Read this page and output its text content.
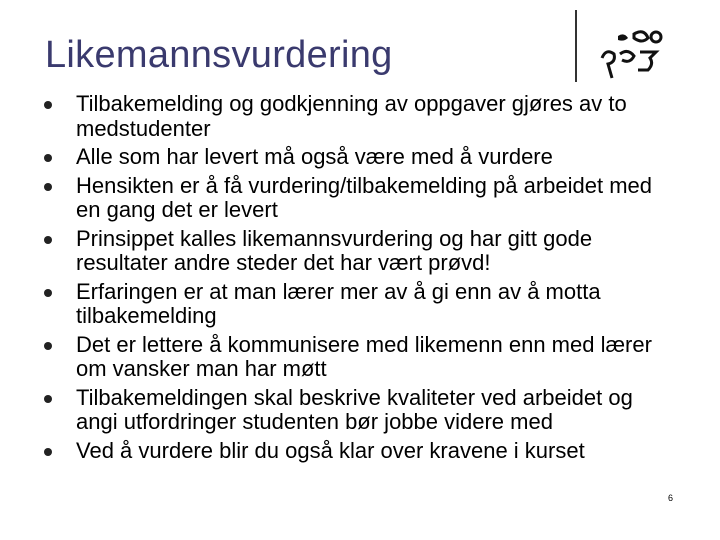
Likemannsvurdering
Tilbakemelding og godkjenning av oppgaver gjøres av to medstudenter
Alle som har levert må også være med å vurdere
Hensikten er å få vurdering/tilbakemelding på arbeidet med en gang det er levert
Prinsippet kalles likemannsvurdering og har gitt gode resultater andre steder det har vært prøvd!
Erfaringen er at man lærer mer av å gi enn av å motta tilbakemelding
Det er lettere å kommunisere med likemenn enn med lærer om vansker man har møtt
Tilbakemeldingen skal beskrive kvaliteter ved arbeidet og angi utfordringer studenten bør jobbe videre med
Ved å vurdere blir du også klar over kravene i kurset
6
